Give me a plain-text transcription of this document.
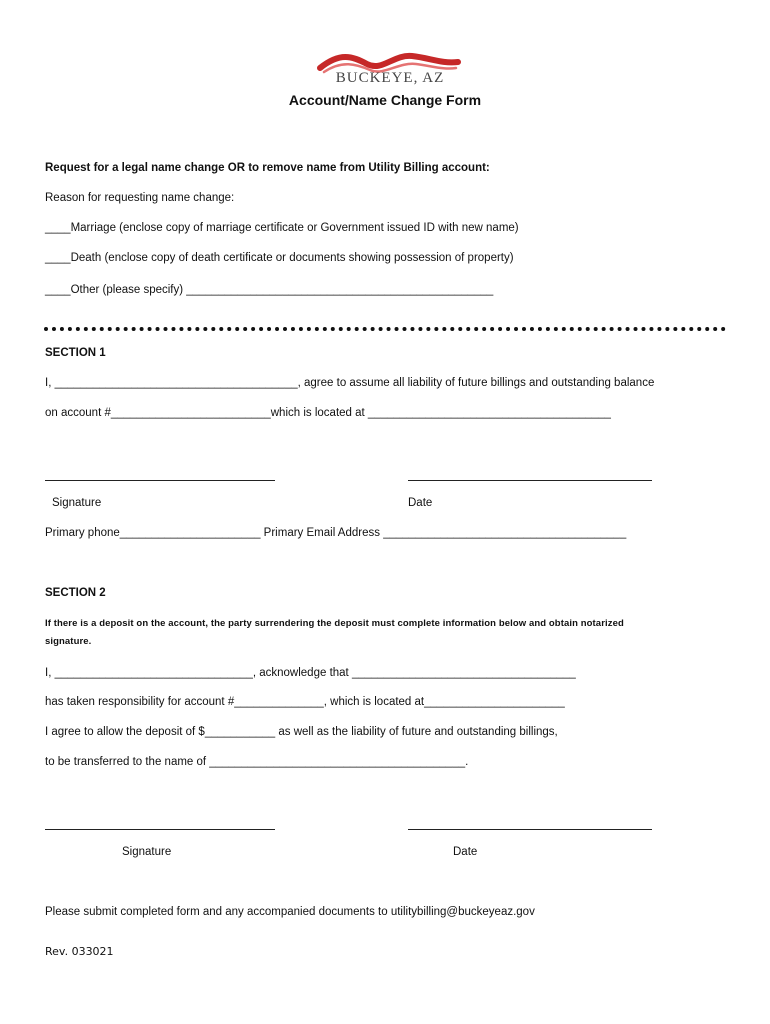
BUCKEYE, AZ
Account/Name Change Form
Request for a legal name change OR to remove name from Utility Billing account:
Reason for requesting name change:
____Marriage (enclose copy of marriage certificate or Government issued ID with new name)
____Death (enclose copy of death certificate or documents showing possession of property)
____Other (please specify) ________________________________________________
SECTION 1
I, ______________________________________, agree to assume all liability of future billings and outstanding balance
on account #_________________________which is located at ______________________________________
Signature	Date
Primary phone______________________ Primary Email Address ______________________________________
SECTION 2
If there is a deposit on the account, the party surrendering the deposit must complete information below and obtain notarized
signature.
I, _______________________________, acknowledge that ___________________________________
has taken responsibility for account #______________, which is located at______________________
I agree to allow the deposit of $___________ as well as the liability of future and outstanding billings,
to be transferred to the name of ________________________________________.
Signature	Date
Please submit completed form and any accompanied documents to utilitybilling@buckeyeaz.gov
Rev. 033021
